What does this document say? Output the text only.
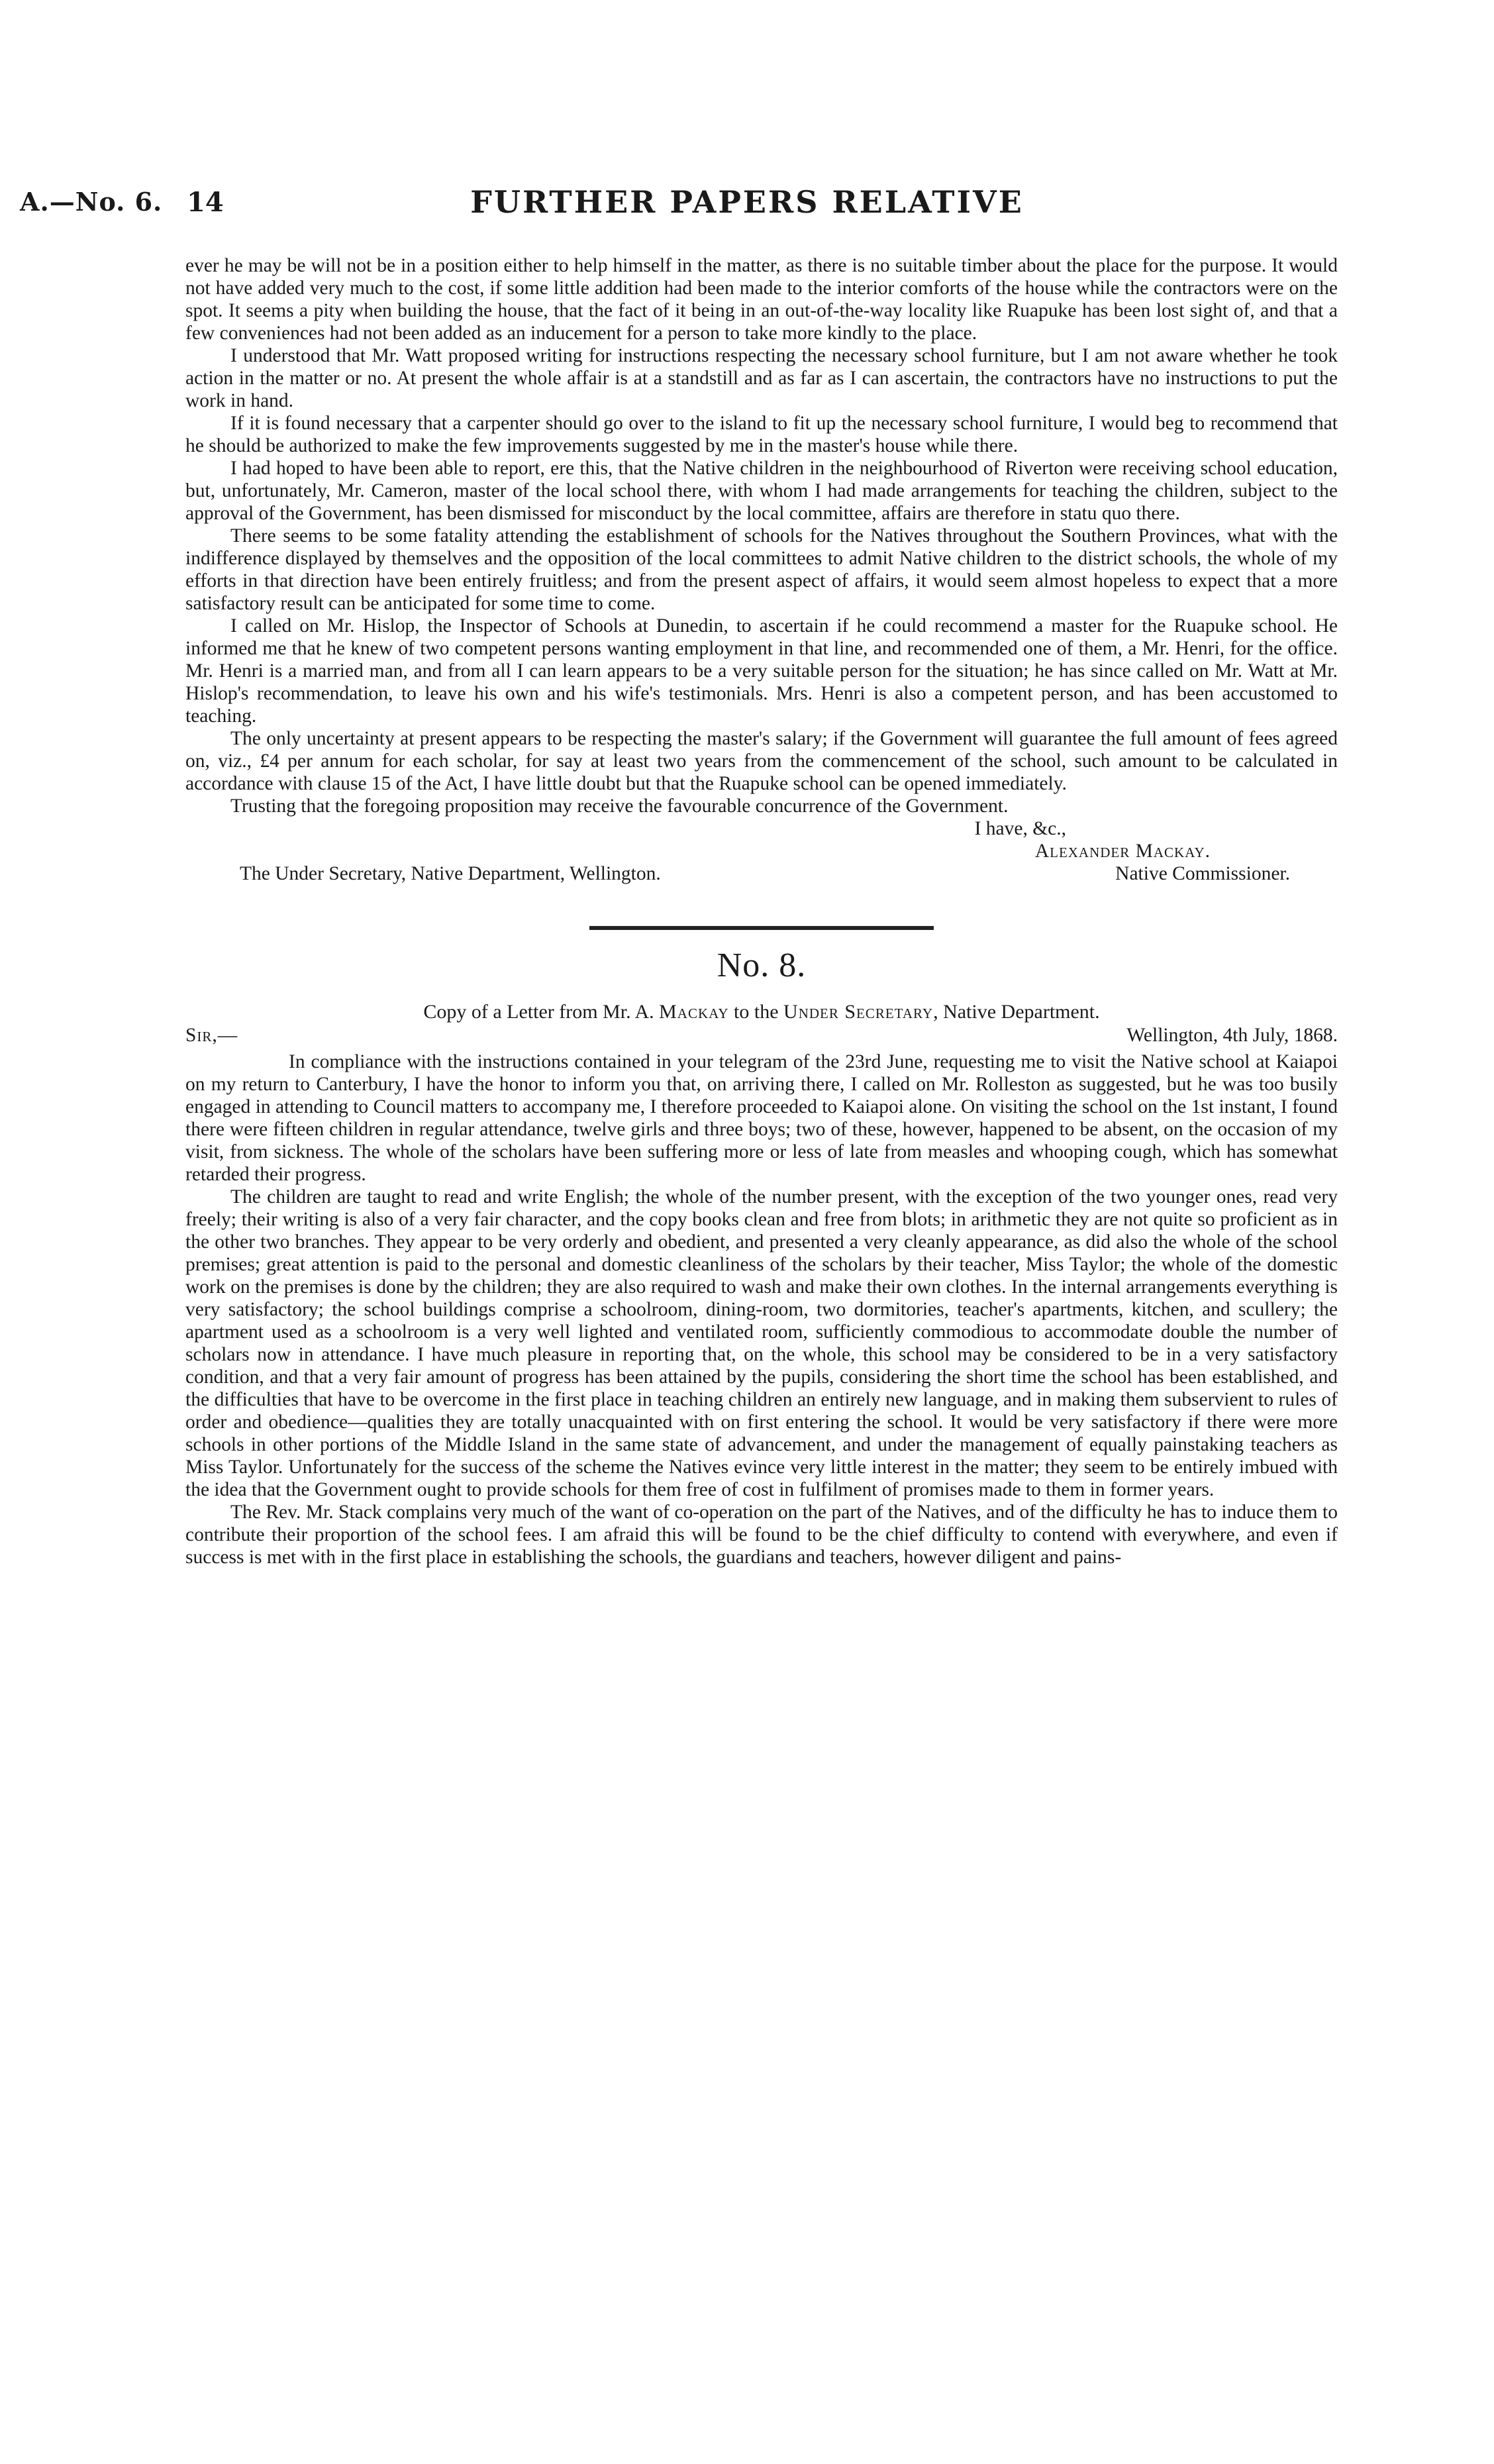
A.—No. 6. 14	FURTHER PAPERS RELATIVE

ever he may be will not be in a position either to help himself in the matter, as there is no suitable timber about the place for the purpose. It would not have added very much to the cost, if some little addition had been made to the interior comforts of the house while the contractors were on the spot. It seems a pity when building the house, that the fact of it being in an out-of-the-way locality like Ruapuke has been lost sight of, and that a few conveniences had not been added as an inducement for a person to take more kindly to the place.

I understood that Mr. Watt proposed writing for instructions respecting the necessary school furniture, but I am not aware whether he took action in the matter or no. At present the whole affair is at a standstill and as far as I can ascertain, the contractors have no instructions to put the work in hand.

If it is found necessary that a carpenter should go over to the island to fit up the necessary school furniture, I would beg to recommend that he should be authorized to make the few improvements suggested by me in the master's house while there.

I had hoped to have been able to report, ere this, that the Native children in the neighbourhood of Riverton were receiving school education, but, unfortunately, Mr. Cameron, master of the local school there, with whom I had made arrangements for teaching the children, subject to the approval of the Government, has been dismissed for misconduct by the local committee, affairs are therefore in statu quo there.

There seems to be some fatality attending the establishment of schools for the Natives throughout the Southern Provinces, what with the indifference displayed by themselves and the opposition of the local committees to admit Native children to the district schools, the whole of my efforts in that direction have been entirely fruitless; and from the present aspect of affairs, it would seem almost hopeless to expect that a more satisfactory result can be anticipated for some time to come.

I called on Mr. Hislop, the Inspector of Schools at Dunedin, to ascertain if he could recommend a master for the Ruapuke school. He informed me that he knew of two competent persons wanting employment in that line, and recommended one of them, a Mr. Henri, for the office. Mr. Henri is a married man, and from all I can learn appears to be a very suitable person for the situation; he has since called on Mr. Watt at Mr. Hislop's recommendation, to leave his own and his wife's testimonials. Mrs. Henri is also a competent person, and has been accustomed to teaching.

The only uncertainty at present appears to be respecting the master's salary; if the Government will guarantee the full amount of fees agreed on, viz., £4 per annum for each scholar, for say at least two years from the commencement of the school, such amount to be calculated in accordance with clause 15 of the Act, I have little doubt but that the Ruapuke school can be opened immediately.

Trusting that the foregoing proposition may receive the favourable concurrence of the Government.

I have, &c.,
Alexander Mackay.
The Under Secretary, Native Department, Wellington.	Native Commissioner.
No. 8.
Copy of a Letter from Mr. A. Mackay to the Under Secretary, Native Department.
Sir,—	Wellington, 4th July, 1868.

In compliance with the instructions contained in your telegram of the 23rd June, requesting me to visit the Native school at Kaiapoi on my return to Canterbury, I have the honor to inform you that, on arriving there, I called on Mr. Rolleston as suggested, but he was too busily engaged in attending to Council matters to accompany me, I therefore proceeded to Kaiapoi alone. On visiting the school on the 1st instant, I found there were fifteen children in regular attendance, twelve girls and three boys; two of these, however, happened to be absent, on the occasion of my visit, from sickness. The whole of the scholars have been suffering more or less of late from measles and whooping cough, which has somewhat retarded their progress.

The children are taught to read and write English; the whole of the number present, with the exception of the two younger ones, read very freely; their writing is also of a very fair character, and the copy books clean and free from blots; in arithmetic they are not quite so proficient as in the other two branches. They appear to be very orderly and obedient, and presented a very cleanly appearance, as did also the whole of the school premises; great attention is paid to the personal and domestic cleanliness of the scholars by their teacher, Miss Taylor; the whole of the domestic work on the premises is done by the children; they are also required to wash and make their own clothes. In the internal arrangements everything is very satisfactory; the school buildings comprise a schoolroom, dining-room, two dormitories, teacher's apartments, kitchen, and scullery; the apartment used as a schoolroom is a very well lighted and ventilated room, sufficiently commodious to accommodate double the number of scholars now in attendance. I have much pleasure in reporting that, on the whole, this school may be considered to be in a very satisfactory condition, and that a very fair amount of progress has been attained by the pupils, considering the short time the school has been established, and the difficulties that have to be overcome in the first place in teaching children an entirely new language, and in making them subservient to rules of order and obedience—qualities they are totally unacquainted with on first entering the school. It would be very satisfactory if there were more schools in other portions of the Middle Island in the same state of advancement, and under the management of equally painstaking teachers as Miss Taylor. Unfortunately for the success of the scheme the Natives evince very little interest in the matter; they seem to be entirely imbued with the idea that the Government ought to provide schools for them free of cost in fulfilment of promises made to them in former years.

The Rev. Mr. Stack complains very much of the want of co-operation on the part of the Natives, and of the difficulty he has to induce them to contribute their proportion of the school fees. I am afraid this will be found to be the chief difficulty to contend with everywhere, and even if success is met with in the first place in establishing the schools, the guardians and teachers, however diligent and pains-
